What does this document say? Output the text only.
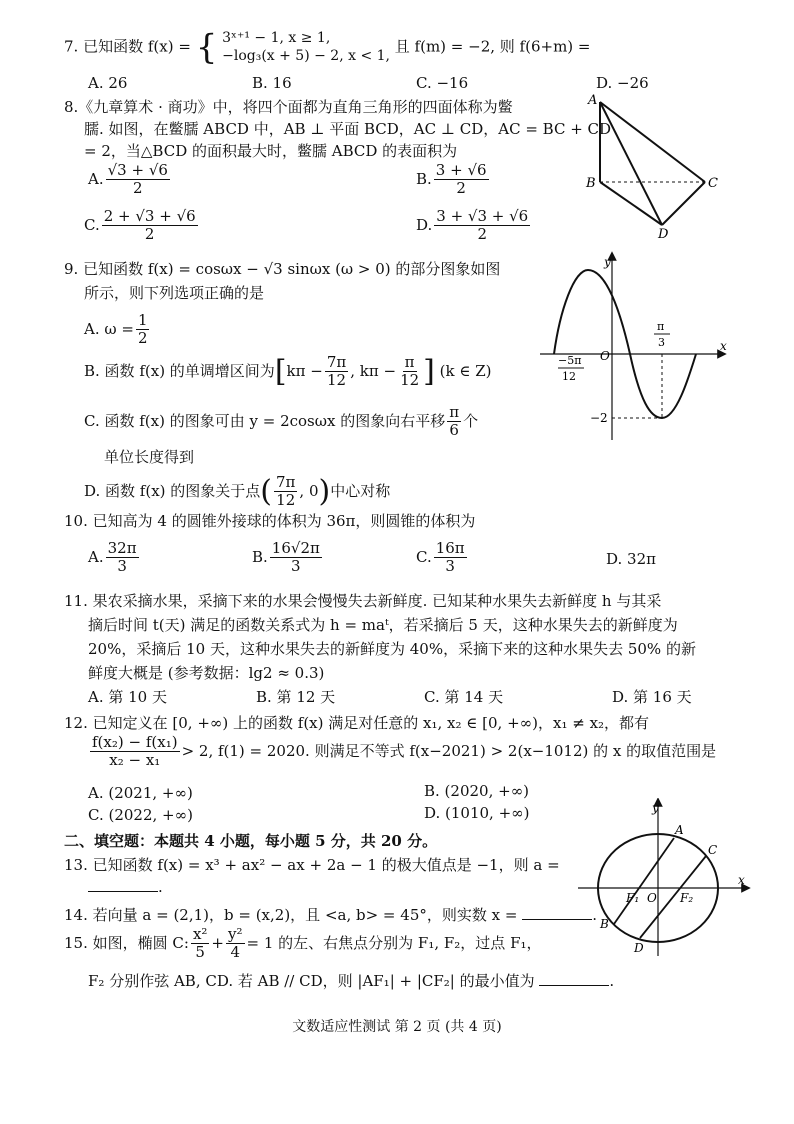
7. 已知函数 f(x) = { 3ˣ⁺¹ − 1, x ≥ 1,
−log₃(x + 5) − 2, x < 1, 且 f(m) = −2, 则 f(6+m) =
A. 26	B. 16	C. −16	D. −26
8.《九章算术 · 商功》中，将四个面都为直角三角形的四面体称为鳖
臑. 如图，在鳖臑 ABCD 中，AB ⊥ 平面 BCD，AC ⊥ CD，AC = BC + CD
= 2，当△BCD 的面积最大时，鳖臑 ABCD 的表面积为
A. $\frac{√3 + √6}{2}$	B. $\frac{3 + √6}{2}$
C. $\frac{2 + √3 + √6}{2}$	D. $\frac{3 + √3 + √6}{2}$
A
B	C
D
9. 已知函数 f(x) = cosωx − √3 sinωx (ω > 0) 的部分图象如图
所示，则下列选项正确的是
A. $\omega = \frac{1}{2}$
B. 函数 f(x) 的单调增区间为[$k\pi - \frac{7\pi}{12}$ , $k\pi - \frac{\pi}{12}$ ] (k ∈ Z)
C. 函数 f(x) 的图象可由 y = 2cosωx 的图象向右平移 $\frac{\pi}{6}$ 个
单位长度得到
D. 函数 f(x) 的图象关于点( $\frac{7\pi}{12}$ , 0)中心对称
y
x
O
−5π
12
π
3
−2
10. 已知高为 4 的圆锥外接球的体积为 36π，则圆锥的体积为
A. $\frac{32\pi}{3}$	B. $\frac{16√2\pi}{3}$	C. $\frac{16\pi}{3}$	D. 32π
11. 果农采摘水果，采摘下来的水果会慢慢失去新鲜度. 已知某种水果失去新鲜度 h 与其采
摘后时间 t(天) 满足的函数关系式为 h = maᵗ，若采摘后 5 天，这种水果失去的新鲜度为
20%，采摘后 10 天，这种水果失去的新鲜度为 40%，采摘下来的这种水果失去 50% 的新
鲜度大概是 (参考数据：lg2 ≈ 0.3)
A. 第 10 天	B. 第 12 天	C. 第 14 天	D. 第 16 天
12. 已知定义在 [0, +∞) 上的函数 f(x) 满足对任意的 x₁, x₂ ∈ [0, +∞)，x₁ ≠ x₂，都有
$\frac{\text{f(x₂) − f(x₁)}}{\text{x₂ − x₁}} > 2$, f(1) = 2020. 则满足不等式 f(x−2021) > 2(x−1012) 的 x 的取值范围是
A. (2021, +∞)	B. (2020, +∞)
C. (2022, +∞)	D. (1010, +∞)
二、填空题：本题共 4 小题，每小题 5 分，共 20 分。
13. 已知函数 f(x) = x³ + ax² − ax + 2a − 1 的极大值点是 −1，则 a =
.
14. 若向量 a = (2,1)，b = (x,2)，且 <a, b> = 45°，则实数 x =	.
15. 如图，椭圆 C: $\frac{\text{x²}}{5} + \frac{\text{y²}}{4} = 1$ 的左、右焦点分别为 F₁, F₂，过点 F₁，
F₂ 分别作弦 AB, CD. 若 AB // CD，则 |AF₁| + |CF₂| 的最小值为	.
y
x
O
A
B
C
D
F₁	F₂
文数适应性测试 第 2 页 (共 4 页)
